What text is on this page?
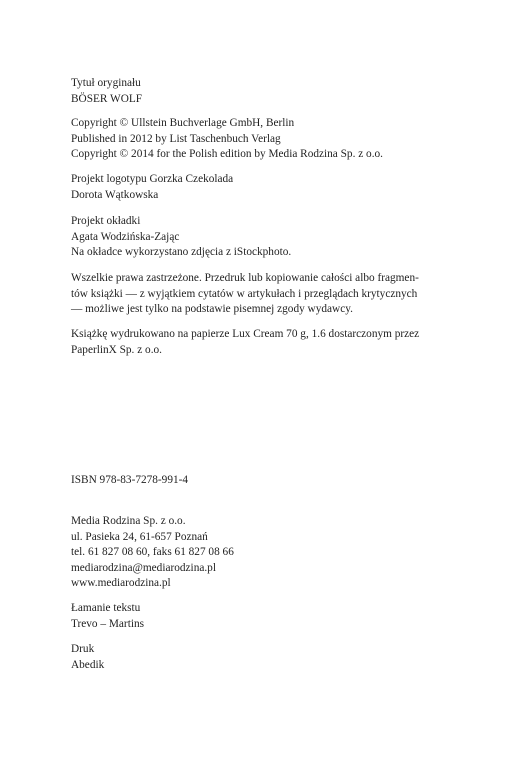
Tytuł oryginału
BÖSER WOLF
Copyright © Ullstein Buchverlage GmbH, Berlin
Published in 2012 by List Taschenbuch Verlag
Copyright © 2014 for the Polish edition by Media Rodzina Sp. z o.o.
Projekt logotypu Gorzka Czekolada
Dorota Wątkowska
Projekt okładki
Agata Wodzińska-Zając
Na okładce wykorzystano zdjęcia z iStockphoto.
Wszelkie prawa zastrzeżone. Przedruk lub kopiowanie całości albo fragmen-
tów książki — z wyjątkiem cytatów w artykułach i przeglądach krytycznych
— możliwe jest tylko na podstawie pisemnej zgody wydawcy.
Książkę wydrukowano na papierze Lux Cream 70 g, 1.6 dostarczonym przez
PaperlinX Sp. z o.o.
ISBN 978-83-7278-991-4
Media Rodzina Sp. z o.o.
ul. Pasieka 24, 61-657 Poznań
tel. 61 827 08 60, faks 61 827 08 66
mediarodzina@mediarodzina.pl
www.mediarodzina.pl
Łamanie tekstu
Trevo – Martins
Druk
Abedik
